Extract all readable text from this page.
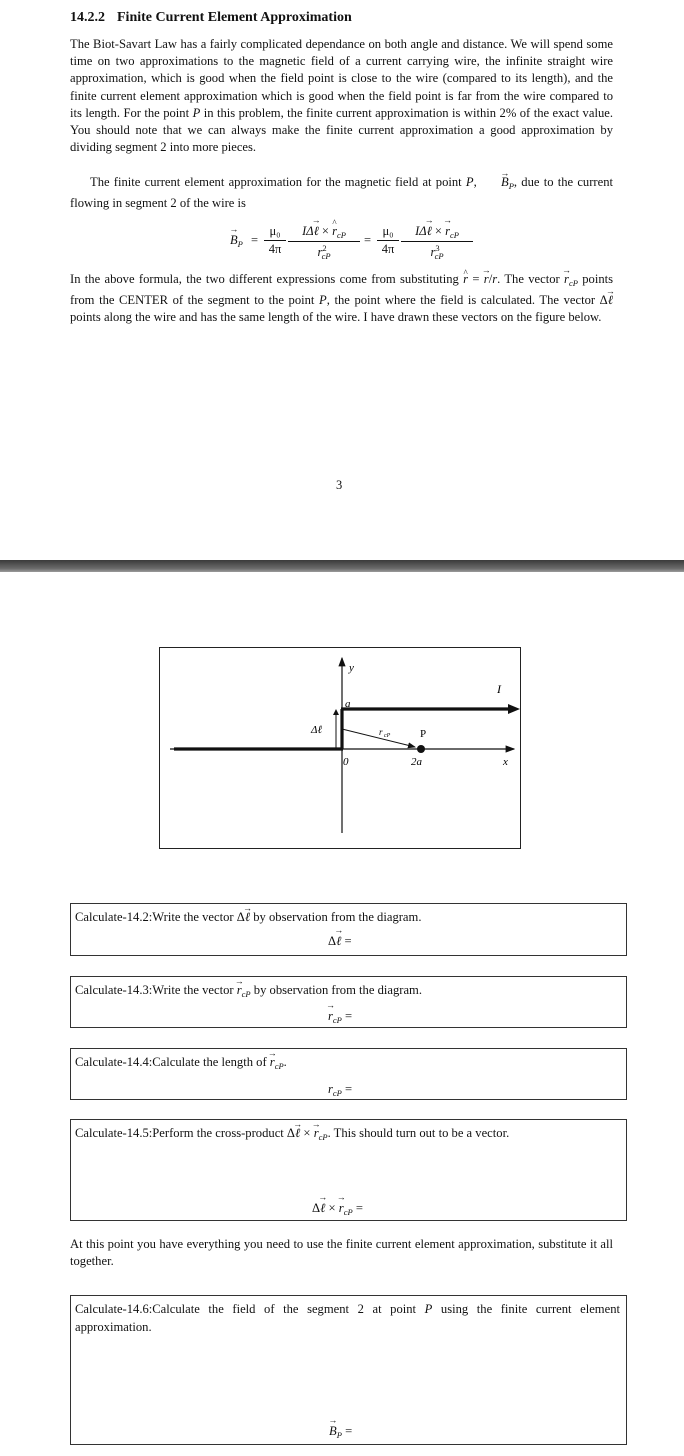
14.2.2 Finite Current Element Approximation
The Biot-Savart Law has a fairly complicated dependance on both angle and distance. We will spend some time on two approximations to the magnetic field of a current carrying wire, the infinite straight wire approximation, which is good when the field point is close to the wire (compared to its length), and the finite current element approximation which is good when the field point is far from the wire compared to its length. For the point P in this problem, the finite current approximation is within 2% of the exact value. You should note that we can always make the finite current approximation a good approximation by dividing segment 2 into more pieces.
The finite current element approximation for the magnetic field at point P, → $B_P$, due to the current flowing in segment 2 of the wire is
→ $B_P = \frac{\text{μ₀}}{4\pi}$	IΔ→ ℓ × ^ $r_{cP}$
$r^2_{cP}$
= $\frac{\text{μ₀}}{4\pi}$	IΔ→ ℓ × → $r_{cP}$
$r^3_{cP}$
In the above formula, the two different expressions come from substituting ^ r = → r/r. The vector → $r_{cP}$ points from the CENTER of the segment to the point P, the point where the field is calculated. The vector Δ→ ℓ points along the wire and has the same length of the wire. I have drawn these vectors on the figure below.
3
y
x
I
a
Δℓ	r cP	P
0	2a
Calculate-14.2:Write the vector Δ→ ℓ by observation from the diagram.
Δ→ ℓ =
Calculate-14.3:Write the vector → $r_{cP}$ by observation from the diagram.
→ $r_{cP}$ =
Calculate-14.4:Calculate the length of → $r_{cP}$.
$r_{cP}$ =
Calculate-14.5:Perform the cross-product Δ→ ℓ × → $r_{cP}$. This should turn out to be a vector.
Δ→ ℓ × → $r_{cP}$ =
At this point you have everything you need to use the finite current element approximation, substitute it all together.
Calculate-14.6:Calculate the field of the segment 2 at point P using the finite current element approximation.
→ $B_P$ =
